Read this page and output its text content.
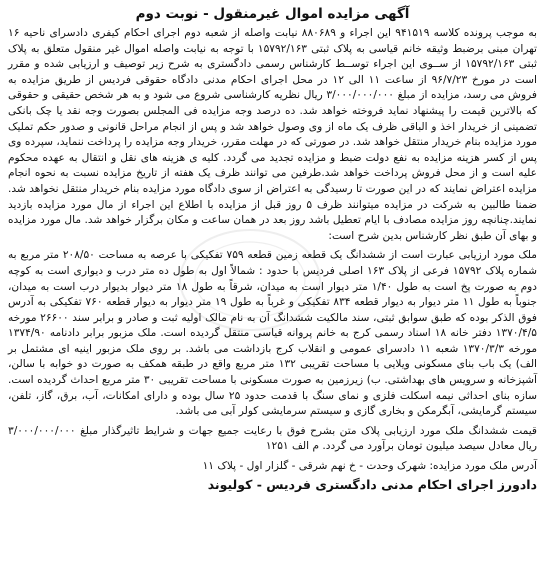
آگهی مزایده اموال غیرمنقول - نوبت دوم

به موجب پرونده کلاسه ۹۴۱۵۱۹ این اجراء و ۸۸۰۶۸۹ نیابت واصله از شعبه دوم اجرای احکام کیفری دادسرای ناحیه ۱۶ تهران مبنی برضبط وثیقه خانم قیاسی به پلاک ثبتی ۱۵۷۹۲/۱۶۳ با توجه به نیابت واصله اموال غیر منقول متعلق به پلاک ثبتی ۱۵۷۹۲/۱۶۳ از ســوی این اجراء توســط کارشناس رسمی دادگستری به شرح زیر توصیف و ارزیابی شده و مقرر است در مورخ ۹۶/۷/۲۳ از ساعت ۱۱ الی ۱۲ در محل اجرای احکام مدنی دادگاه حقوقی فردیس از طریق مزایده به فروش می رسد، مزایده از مبلغ ۳/۰۰۰/۰۰۰/۰۰۰ ریال نظریه کارشناسی شروع می شود و به هر شخص حقیقی و حقوقی که بالاترین قیمت را پیشنهاد نماید فروخته خواهد شد. ده درصد وجه مزایده فی المجلس بصورت وجه نقد یا چک بانکی تضمینی از خریدار اخذ و الباقی ظرف یک ماه از وی وصول خواهد شد و پس از انجام مراحل قانونی و صدور حکم تملیک مورد مزایده بنام خریدار منتقل خواهد شد. در صورتی که در مهلت مقرر، خریدار وجه مزایده را پرداخت ننماید، سپرده وی پس از کسر هزینه مزایده به نفع دولت ضبط و مزایده تجدید می گردد. کلیه ی هزینه های نقل و انتقال به عهده محکوم علیه است و از محل فروش پرداخت خواهد شد.طرفین می توانند ظرف یک هفته از تاریخ مزایده نسبت به نحوه انجام مزایده اعتراض نمایند که در این صورت تا رسیدگی به اعتراض از سوی دادگاه مورد مزایده بنام خریدار منتقل نخواهد شد. ضمنا طالبین به شرکت در مزایده میتوانند ظرف ۵ روز قبل از مزایده با اطلاع این اجراء از مال مورد مزایده بازدید نمایند.چنانچه روز مزایده مصادف با ایام تعطیل باشد روز بعد در همان ساعت و مکان برگزار خواهد شد. مال مورد مزایده و بهای آن طبق نظر کارشناس بدین شرح است:

ملک مورد ارزیابی عبارت است از ششدانگ یک قطعه زمین قطعه ۷۵۹ تفکیکی با عرصه به مساحت ۲۰۸/۵۰ متر مربع به شماره پلاک ۱۵۷۹۲ فرعی از پلاک ۱۶۳ اصلی فردیس با حدود : شمالاً اول به طول ده متر درب و دیواری است به کوچه دوم به صورت پخ است به طول ۱/۴۰ متر دیوار است به میدان، شرقاً به طول ۱۸ متر دیوار بدیوار درب است به میدان، جنوباً به طول ۱۱ متر دیوار به دیوار قطعه ۸۳۴ تفکیکی و غرباً به طول ۱۹ متر دیوار به دیوار قطعه ۷۶۰ تفکیکی به آدرس فوق الذکر بوده که طبق سوابق ثبتی، سند مالکیت ششدانگ آن به نام مالک اولیه ثبت و صادر و برابر سند ۲۶۶۰۰ مورخه ۱۳۷۰/۴/۵ دفتر خانه ۱۸ اسناد رسمی کرج به خانم پروانه قیاسی منتقل گردیده است. ملک مزبور برابر دادنامه ۱۳۷۴/۹۰ مورخه ۱۳۷۰/۳/۳ شعبه ۱۱ دادسرای عمومی و انقلاب کرج بازداشت می باشد. بر روی ملک مزبور اینیه ای مشتمل بر الف) یک باب بنای مسکونی ویلایی با مساحت تقریبی ۱۳۲ متر مربع واقع در طبقه همکف به صورت دو خوابه با سالن، آشپزخانه و سرویس های بهداشتی. ب) زیرزمین به صورت مسکونی با مساحت تقریبی ۳۰ متر مربع احداث گردیده است. سازه بنای احداثی نیمه اسکلت فلزی و نمای سنگ با قدمت حدود ۲۵ سال بوده و دارای امکانات، آب، برق، گاز، تلفن، سیستم گرمایشی، آبگرمکن و بخاری گازی و سیستم سرمایشی کولر آبی می باشد.

قیمت ششدانگ ملک مورد ارزیابی پلاک متن بشرح فوق با رعایت جمیع جهات و شرایط تاثیرگذار مبلغ ۳/۰۰۰/۰۰۰/۰۰۰ ریال معادل سیصد میلیون تومان برآورد می گردد. م الف ۱۲۵۱

آدرس ملک مورد مزایده: شهرک وحدت - خ نهم شرقی - گلزار اول - پلاک ۱۱
دادورز اجرای احکام مدنی دادگستری فردیس - کولیوند
